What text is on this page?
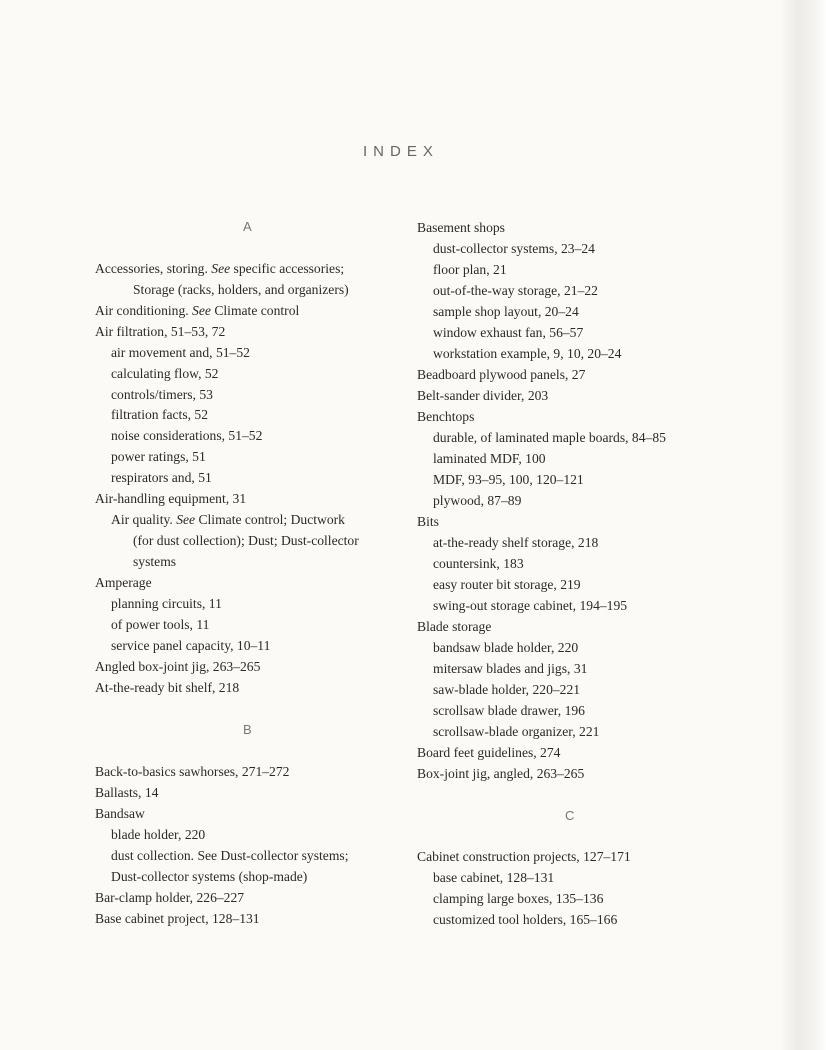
INDEX
A
Accessories, storing. See specific accessories;
Storage (racks, holders, and organizers)
Air conditioning. See Climate control
Air filtration, 51–53, 72
air movement and, 51–52
calculating flow, 52
controls/timers, 53
filtration facts, 52
noise considerations, 51–52
power ratings, 51
respirators and, 51
Air-handling equipment, 31
Air quality. See Climate control; Ductwork
(for dust collection); Dust; Dust-collector
systems
Amperage
planning circuits, 11
of power tools, 11
service panel capacity, 10–11
Angled box-joint jig, 263–265
At-the-ready bit shelf, 218
B
Back-to-basics sawhorses, 271–272
Ballasts, 14
Bandsaw
blade holder, 220
dust collection. See Dust-collector systems;
Dust-collector systems (shop-made)
Bar-clamp holder, 226–227
Base cabinet project, 128–131
Basement shops
dust-collector systems, 23–24
floor plan, 21
out-of-the-way storage, 21–22
sample shop layout, 20–24
window exhaust fan, 56–57
workstation example, 9, 10, 20–24
Beadboard plywood panels, 27
Belt-sander divider, 203
Benchtops
durable, of laminated maple boards, 84–85
laminated MDF, 100
MDF, 93–95, 100, 120–121
plywood, 87–89
Bits
at-the-ready shelf storage, 218
countersink, 183
easy router bit storage, 219
swing-out storage cabinet, 194–195
Blade storage
bandsaw blade holder, 220
mitersaw blades and jigs, 31
saw-blade holder, 220–221
scrollsaw blade drawer, 196
scrollsaw-blade organizer, 221
Board feet guidelines, 274
Box-joint jig, angled, 263–265
C
Cabinet construction projects, 127–171
base cabinet, 128–131
clamping large boxes, 135–136
customized tool holders, 165–166
